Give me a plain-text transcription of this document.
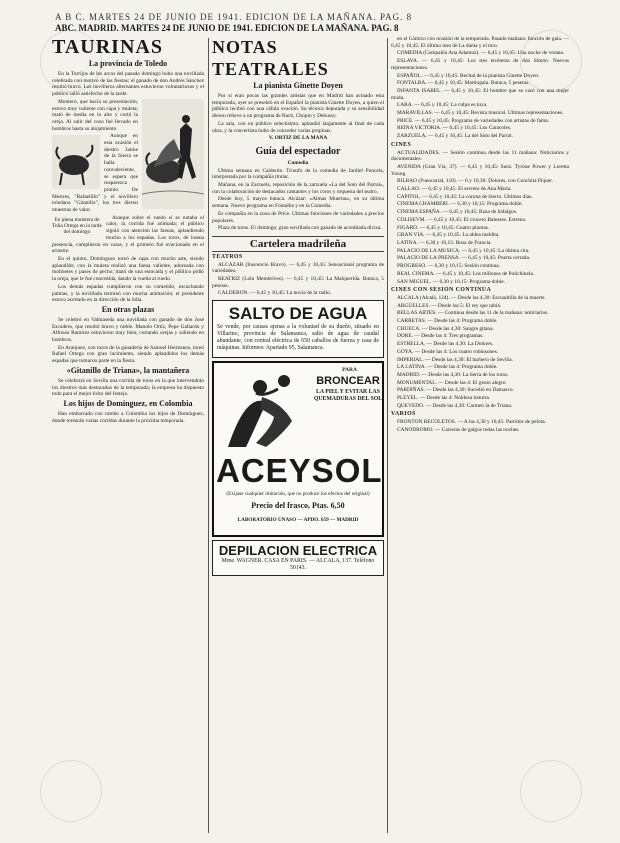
A B C. MARTES 24 DE JUNIO DE 1941. EDICION DE LA MAÑANA. PAG. 8
ABC. MADRID. MARTES 24 DE JUNIO DE 1941. EDICION DE LA MAÑANA. PAG. 8
TAURINAS
La provincia de Toledo

En la Torrijos de los arcos del pasado domingo hubo una novillada celebrada con motivo de las fiestas; el ganado de don Andrés Sánchez resultó bravo. Los novilleros alternantes estuvieron voluntariosos y el público salió satisfecho de la tarde.

Montero, que hacía su presentación, estuvo muy valiente con capa y muleta; mató de media en lo alto y cortó la oreja. Al salir del coso fué llevado en hombros hasta su alojamiento.

Aunque en esta ocasión el diestro Jaime de la Sierra se halla convaleciente, se espera que reaparezca pronto. De Mestres, "Rafaelillo" y el novillero toledano "Gitanillo", los tres dieron muestras de valor.

En plena muletera de Toña Ortega en la tarde del domingo

Aunque sobre el ruedo sí se notaba el calor, la corrida fué animada; el público siguió con atención las faenas, aplaudiendo mucho a los espadas. Los toros, de buena presencia, cumplieron en varas, y el primero fué ovacionado en el arrastre.

En el quinto, Domínguez toreó de capa con mucho arte, siendo aplaudido; con la muleta realizó una faena valiente, adornada con molinetes y pases de pecho; mató de una estocada y el público pidió la oreja, que le fué concedida, dando la vuelta al ruedo.

Los demás espadas cumplieron con su cometido, escuchando palmas, y la novillada terminó con mucha animación; el presidente estuvo acertado en la dirección de la lidia.

En otras plazas

Se celebró en Valmaseda una novillada con ganado de don José Escudero, que resultó bravo y noble. Manolo Ortiz, Pepe Gallardo y Alfonso Ramírez estuvieron muy bien, cortando orejas y saliendo en hombros.

En Aranjuez, con toros de la ganadería de Samuel Hermanos, toreó Rafael Ortega con gran lucimiento, siendo aplaudidos los demás espadas que tomaron parte en la fiesta.

«Gitanillo de Triana», la mantañera

Se celebrará en Sevilla una corrida de toros en la que intervendrán los diestros más destacados de la temporada; la empresa ha dispuesto todo para el mejor éxito del festejo.

Los hijos de Domínguez, en Colombia

Han embarcado con rumbo a Colombia los hijos de Domínguez, donde torearán varias corridas durante la próxima temporada.

NOTAS TEATRALES
La pianista Ginette Doyen

Por si eran pocas las grandes artistas que en Madrid han actuado esta temporada, ayer se presentó en el Español la pianista Ginette Doyen, a quien el público recibió con una cálida ovación. Su técnica depurada y su sensibilidad dieron relieve a un programa de Bach, Chopin y Debussy.

La sala, con un público selectísimo, aplaudió largamente al final de cada obra, y la concertista hubo de conceder varias propinas.

V. ORTIZ DE LA MANA

Guía del espectador

Comedia

Ultima semana en Calderón. Triunfo de la comedia de Jardiel Poncela, interpretada por la compañía titular.

Mañana, en la Zarzuela, reposición de la zarzuela «La del Soto del Parral», con la colaboración de destacados cantantes y los coros y orquesta del teatro.

Desde hoy, 5 mayos butaca. Alcázar: «Almas Muertas», en su última semana. Nuevo programa en Fontalba y en la Comedia.

Es compañía en la zona de Price. Ultimas funciones de variedades a precios populares.

Plaza de toros. El domingo, gran novillada con ganado de acreditada divisa.

Cartelera madrileña
TEATROS

ALCAZAR (Inocencio Bravo). — 6,45 y 10,45: Sensacional programa de variedades.

BEATRIZ (Lola Membrives). — 6,45 y 10,45: La Malquerida. Butaca, 5 pesetas.

CALDERON. — 6,45 y 10,45: La novia de la radio.

SALTO DE AGUA

Se vende, por causas ajenas a la voluntad de su dueño, situado en Villarino, provincia de Salamanca, salto de agua de caudal abundante, con central eléctrica de 650 caballos de fuerza y casa de máquinas. Informes: Apartado 95, Salamanca.

PARA
BRONCEAR
LA PIEL Y EVITAR LAS QUEMADURAS DEL SOL
ACEYSOL
(Exíjase cualquier imitación, que no produce los efectos del original)
Precio del frasco, Ptas. 6,50
LABORATORIO UNASO — APDO. 659 — MADRID
DEPILACION ELECTRICA

Mme. WAGNER. CASA EN PARIS. — ALCALA, 137. Teléfono 50143.

en el Cómico con ocasión de la temporada. Pasado mañana: función de gala. — 6,45 y 10,45: El último mes de La dama y el toro.

COMEDIA (Compañía Ana Adamuz). — 6,45 y 10,45: Una noche de verano.

ESLAVA. — 6,45 y 10,45: Los tres etcéteras de don Simón. Nuevas representaciones.

ESPAÑOL. — 6,45 y 10,45: Recital de la pianista Ginette Doyen.

FONTALBA. — 6,45 y 10,45: Martingala. Butaca, 5 pesetas.

INFANTA ISABEL. — 6,45 y 10,45: El hombre que se casó con una mujer muda.

LARA. — 6,45 y 10,45: La culpa es tuya.

MARAVILLAS. — 6,45 y 10,45: Revista musical. Ultimas representaciones.

PRICE. — 6,45 y 10,45: Programa de variedades con artistas de fama.

REINA VICTORIA. — 6,45 y 10,45: Los Caracoles.

ZARZUELA. — 6,45 y 10,45: La del Soto del Parral.

CINES

ACTUALIDADES. — Sesión continua desde las 11 mañana: Noticiarios y documentales.

AVENIDA (Gran Vía, 37). — 6,45 y 10,45: Suez. Tyrone Power y Loretta Young.

BILBAO (Fuencarral, 118). — 6 y 10,30: Dolores, con Conchita Piquer.

CALLAO. — 6,45 y 10,45: El secreto de Ana María.

CAPITOL. — 6,45 y 10,45: La corona de hierro. Ultimos días.

CINEMA CHAMBERI. — 6,30 y 10,15: Programa doble.

CINEMA ESPAÑA. — 6,45 y 10,45: Raza de hidalgos.

COLISEVM. — 6,45 y 10,45: El crucero Baleares. Estreno.

FIGARO. — 6,45 y 10,45: Cuatro plumas.

GRAN VIA. — 6,45 y 10,45: La aldea maldita.

LATINA. — 6,30 y 10,15: Rosa de Francia.

PALACIO DE LA MUSICA. — 6,45 y 10,45: La última cita.

PALACIO DE LA PRENSA. — 6,45 y 10,45: Puerta cerrada.

PROGRESO. — 6,30 y 10,15: Sesión continua.

REAL CINEMA. — 6,45 y 10,45: Los millones de Polichinela.

SAN MIGUEL. — 6,30 y 10,15: Programa doble.

CINES CON SESION CONTINUA

ALCALA (Alcalá, 124). — Desde las 4,30: Escuadrilla de la muerte.

ARGÜELLES. — Desde las 5: El rey que rabió.

BELLAS ARTES. — Continua desde las 11 de la mañana: noticiarios.

CARRETAS. — Desde las 4: Programa doble.

CHUECA. — Desde las 4,30: Sangre gitana.

DORE. — Desde las 4: Tres programas.

ESTRELLA. — Desde las 4,30: La Dolores.

GOYA. — Desde las 4: Los cuatro robinsones.

IMPERIAL. — Desde las 4,30: El barbero de Sevilla.

LA LATINA. — Desde las 4: Programa doble.

MADRID. — Desde las 4,30: La tierra de los toros.

MONUMENTAL. — Desde las 4: El genio alegre.

PARDIÑAS. — Desde las 4,30: Sucedió en Damasco.

PLEYEL. — Desde las 4: Nobleza baturra.

QUEVEDO. — Desde las 4,30: Carmen la de Triana.

VARIOS

FRONTON RECOLETOS. — A las 4,30 y 10,45: Partidos de pelota.

CANODROMO. — Carreras de galgos todas las noches.
